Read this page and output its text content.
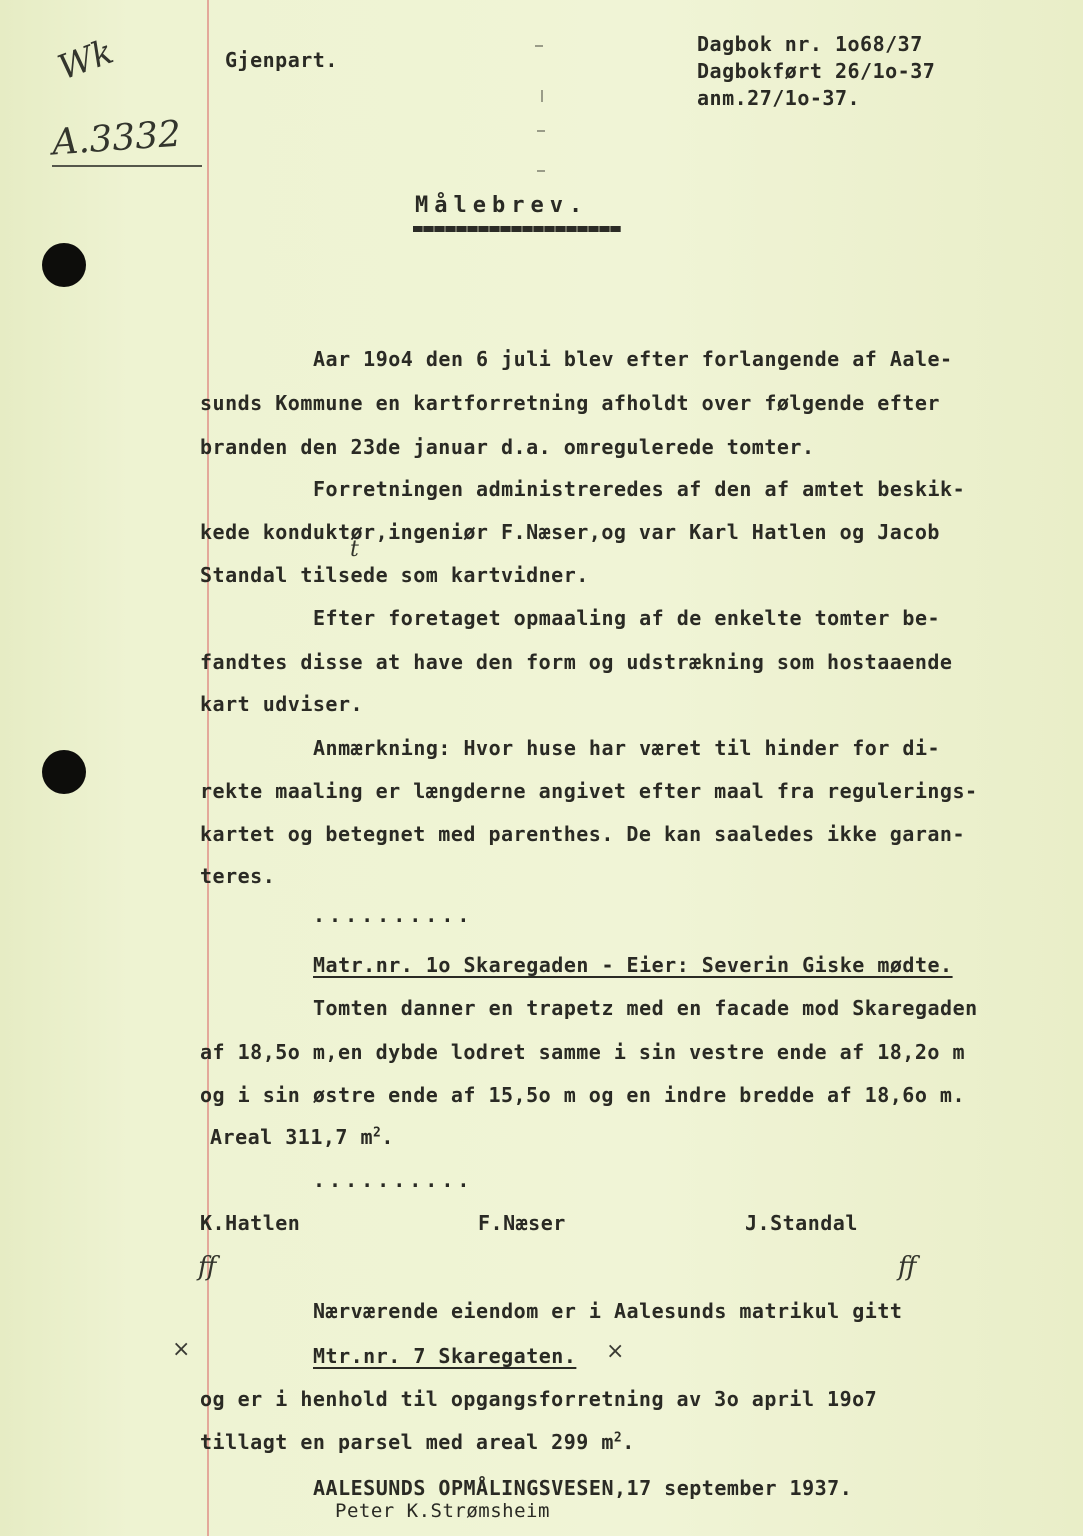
Wk
A.3332
Gjenpart.
Dagbok nr. 1o68/37
Dagbokført 26/1o-37
anm.27/1o-37.
Målebrev.
Aar 19o4 den 6 juli blev efter forlangende af Aale-
sunds Kommune en kartforretning afholdt over følgende efter
branden den 23de januar d.a. omregulerede tomter.
Forretningen administreredes af den af amtet beskik-
kede konduktør,ingeniør F.Næser,og var Karl Hatlen og Jacob
t
Standal tilsede som kartvidner.
Efter foretaget opmaaling af de enkelte tomter be-
fandtes disse at have den form og udstrækning som hostaaende
kart udviser.
Anmærkning: Hvor huse har været til hinder for di-
rekte maaling er længderne angivet efter maal fra regulerings-
kartet og betegnet med parenthes. De kan saaledes ikke garan-
teres.
..........
Matr.nr. 1o Skaregaden - Eier: Severin Giske mødte.
Tomten danner en trapetz med en facade mod Skaregaden
af 18,5o m,en dybde lodret samme i sin vestre ende af 18,2o m
og i sin østre ende af 15,5o m og en indre bredde af 18,6o m.
Areal 311,7 $m^2$.
..........
K.Hatlen	F.Næser	J.Standal
ff	ff
Nærværende eiendom er i Aalesunds matrikul gitt
×	Mtr.nr. 7 Skaregaten. ×
og er i henhold til opgangsforretning av 3o april 19o7
tillagt en parsel med areal 299 $m^2$.
AALESUNDS OPMÅLINGSVESEN,17 september 1937.
Peter K.Strømsheim
